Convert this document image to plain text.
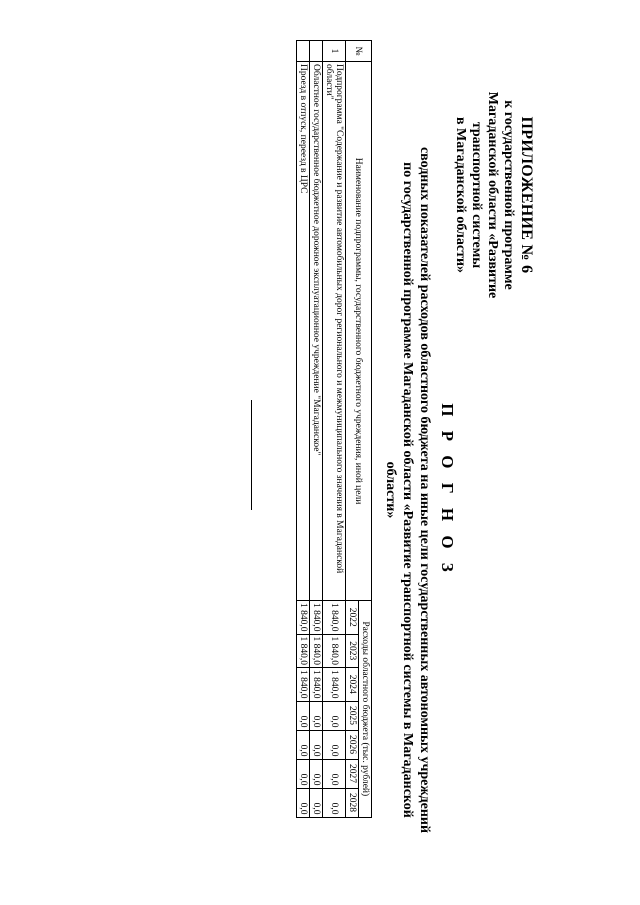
ПРИЛОЖЕНИЕ № 6
к государственной программе
Магаданской области «Развитие
транспортной системы
в Магаданской области»
П Р О Г Н О З
сводных показателей расходов областного бюджета на иные цели государственных автономных учреждений
по государственной программе Магаданской области «Развитие транспортной системы в Магаданской
области»
№	Наименование подпрограммы, государственного бюджетного учреждения, иной цели	Расходы областного бюджета (тыс. рублей)						
		2022	2023	2024	2025	2026	2027	2028
1	Подпрограмма "Содержание и развитие автомобильных дорог регионального и межмуниципального значения в Магаданской области"	1 840,0	1 840,0	1 840,0	0,0	0,0	0,0	0,0
	Областное государственное бюджетное дорожное эксплуатационное учреждение "Магаданское"	1 840,0	1 840,0	1 840,0	0,0	0,0	0,0	0,0
	Проезд в отпуск, переезд в ЦРС	1 840,0	1 840,0	1 840,0	0,0	0,0	0,0	0,0
